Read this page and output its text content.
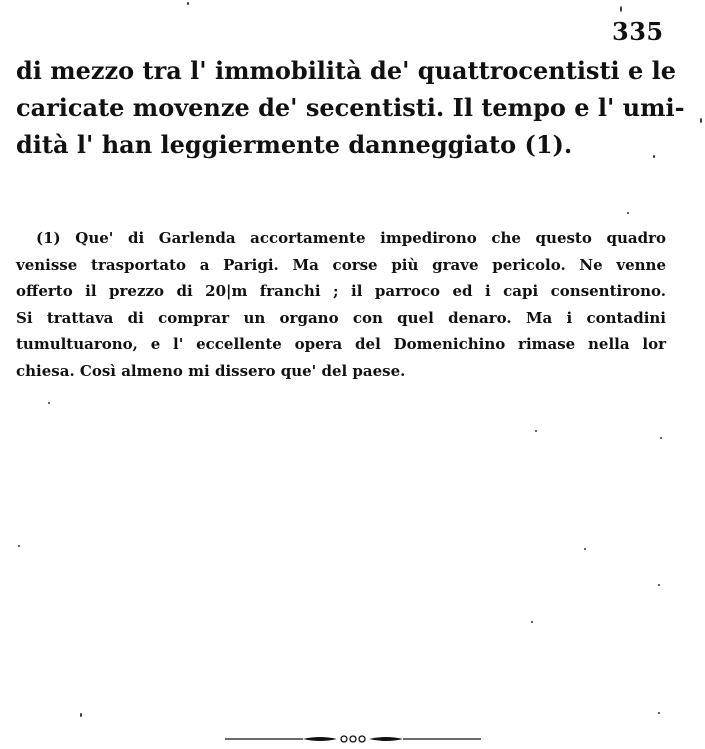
335
di mezzo tra l' immobilità de' quattrocentisti e le
caricate movenze de' secentisti. Il tempo e l' umi-
dità l' han leggiermente danneggiato (1).
(1) Que' di Garlenda accortamente impedirono che questo quadro
venisse trasportato a Parigi. Ma corse più grave pericolo. Ne venne
offerto il prezzo di 20|m franchi ; il parroco ed i capi consentirono.
Si trattava di comprar un organo con quel denaro. Ma i contadini
tumultuarono, e l' eccellente opera del Domenichino rimase nella lor
chiesa. Così almeno mi dissero que' del paese.
